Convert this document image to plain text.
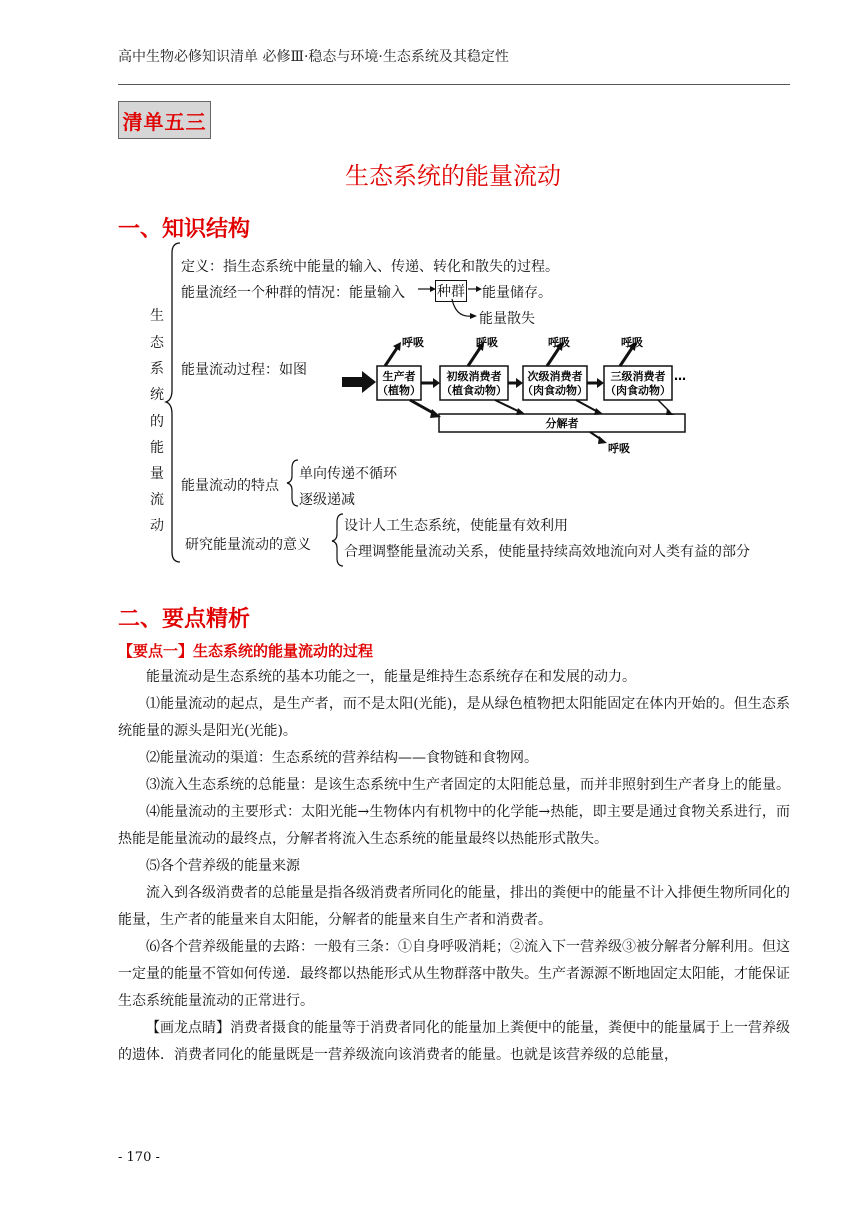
高中生物必修知识清单 必修Ⅲ·稳态与环境·生态系统及其稳定性
清单五三
生态系统的能量流动
一、知识结构
生
态
系
统
的
能
量
流
动
定义：指生态系统中能量的输入、传递、转化和散失的过程。
能量流经一个种群的情况：能量输入 种群 能量储存。
能量散失
能量流动过程：如图	生产者
（植物）
初级消费者
（植食动物）
次级消费者
（肉食动物）
三级消费者
（肉食动物）
…
呼吸	呼吸	呼吸	呼吸
分解者
呼吸
能量流动的特点
单向传递不循环
逐级递减
研究能量流动的意义
设计人工生态系统，使能量有效利用
合理调整能量流动关系，使能量持续高效地流向对人类有益的部分
二、要点精析
【要点一】生态系统的能量流动的过程

能量流动是生态系统的基本功能之一，能量是维持生态系统存在和发展的动力。

⑴能量流动的起点，是生产者，而不是太阳(光能)，是从绿色植物把太阳能固定在体内开始的。但生态系统能量的源头是阳光(光能)。

⑵能量流动的渠道：生态系统的营养结构——食物链和食物网。

⑶流入生态系统的总能量：是该生态系统中生产者固定的太阳能总量，而并非照射到生产者身上的能量。

⑷能量流动的主要形式：太阳光能→生物体内有机物中的化学能→热能，即主要是通过食物关系进行，而热能是能量流动的最终点，分解者将流入生态系统的能量最终以热能形式散失。

⑸各个营养级的能量来源

流入到各级消费者的总能量是指各级消费者所同化的能量，排出的粪便中的能量不计入排便生物所同化的能量，生产者的能量来自太阳能，分解者的能量来自生产者和消费者。

⑹各个营养级能量的去路：一般有三条：①自身呼吸消耗；②流入下一营养级③被分解者分解利用。但这一定量的能量不管如何传递．最终都以热能形式从生物群落中散失。生产者源源不断地固定太阳能，才能保证生态系统能量流动的正常进行。

【画龙点睛】消费者摄食的能量等于消费者同化的能量加上粪便中的能量，粪便中的能量属于上一营养级的遗体．消费者同化的能量既是一营养级流向该消费者的能量。也就是该营养级的总能量，

- 170 -
